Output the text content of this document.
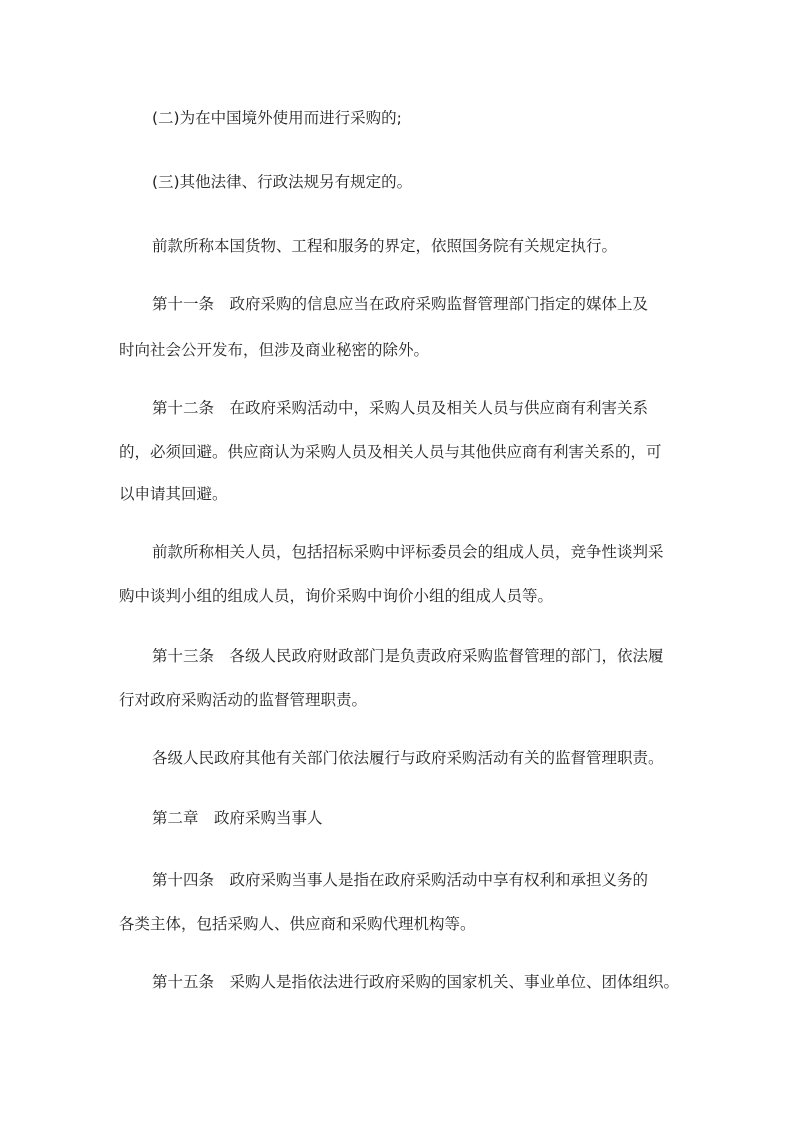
(二)为在中国境外使用而进行采购的;
(三)其他法律、行政法规另有规定的。
前款所称本国货物、工程和服务的界定，依照国务院有关规定执行。
第十一条　政府采购的信息应当在政府采购监督管理部门指定的媒体上及
时向社会公开发布，但涉及商业秘密的除外。
第十二条　在政府采购活动中，采购人员及相关人员与供应商有利害关系
的，必须回避。供应商认为采购人员及相关人员与其他供应商有利害关系的，可
以申请其回避。
前款所称相关人员，包括招标采购中评标委员会的组成人员，竞争性谈判采
购中谈判小组的组成人员，询价采购中询价小组的组成人员等。
第十三条　各级人民政府财政部门是负责政府采购监督管理的部门，依法履
行对政府采购活动的监督管理职责。
各级人民政府其他有关部门依法履行与政府采购活动有关的监督管理职责。
第二章　政府采购当事人
第十四条　政府采购当事人是指在政府采购活动中享有权利和承担义务的
各类主体，包括采购人、供应商和采购代理机构等。
第十五条　采购人是指依法进行政府采购的国家机关、事业单位、团体组织。
